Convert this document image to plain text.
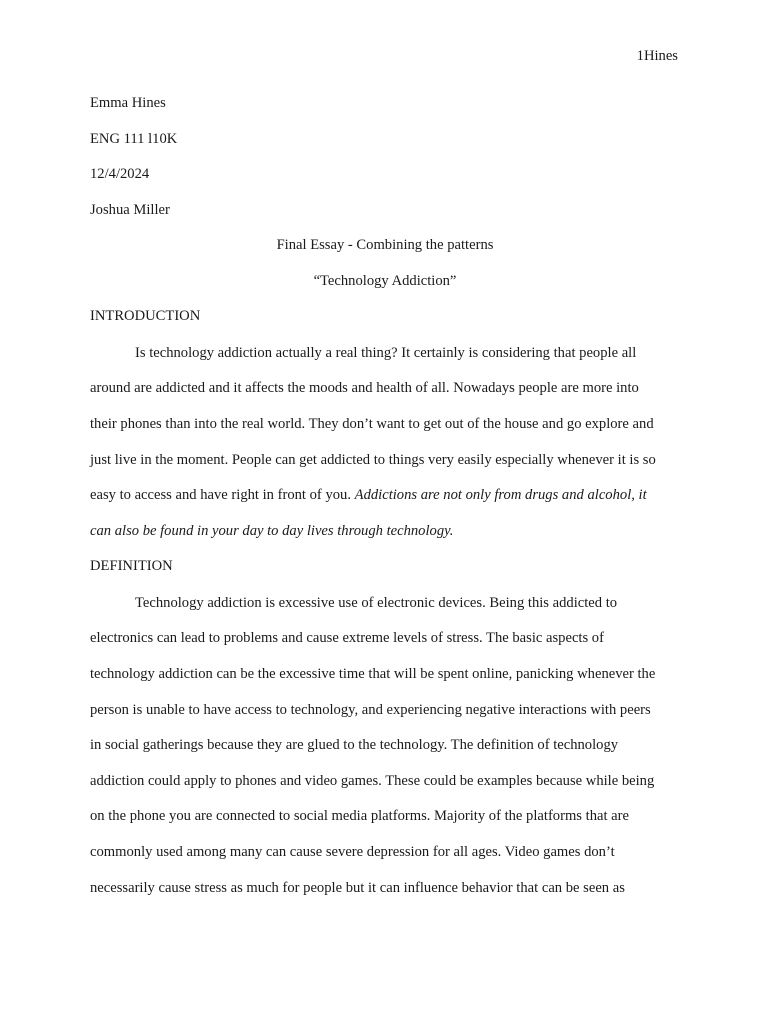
1Hines
Emma Hines
ENG 111 l10K
12/4/2024
Joshua Miller
Final Essay - Combining the patterns
“Technology Addiction”
INTRODUCTION
Is technology addiction actually a real thing? It certainly is considering that people all
around are addicted and it affects the moods and health of all. Nowadays people are more into
their phones than into the real world. They don’t want to get out of the house and go explore and
just live in the moment. People can get addicted to things very easily especially whenever it is so
easy to access and have right in front of you. Addictions are not only from drugs and alcohol, it
can also be found in your day to day lives through technology.
DEFINITION
Technology addiction is excessive use of electronic devices. Being this addicted to
electronics can lead to problems and cause extreme levels of stress. The basic aspects of
technology addiction can be the excessive time that will be spent online, panicking whenever the
person is unable to have access to technology, and experiencing negative interactions with peers
in social gatherings because they are glued to the technology. The definition of technology
addiction could apply to phones and video games. These could be examples because while being
on the phone you are connected to social media platforms. Majority of the platforms that are
commonly used among many can cause severe depression for all ages. Video games don’t
necessarily cause stress as much for people but it can influence behavior that can be seen as
